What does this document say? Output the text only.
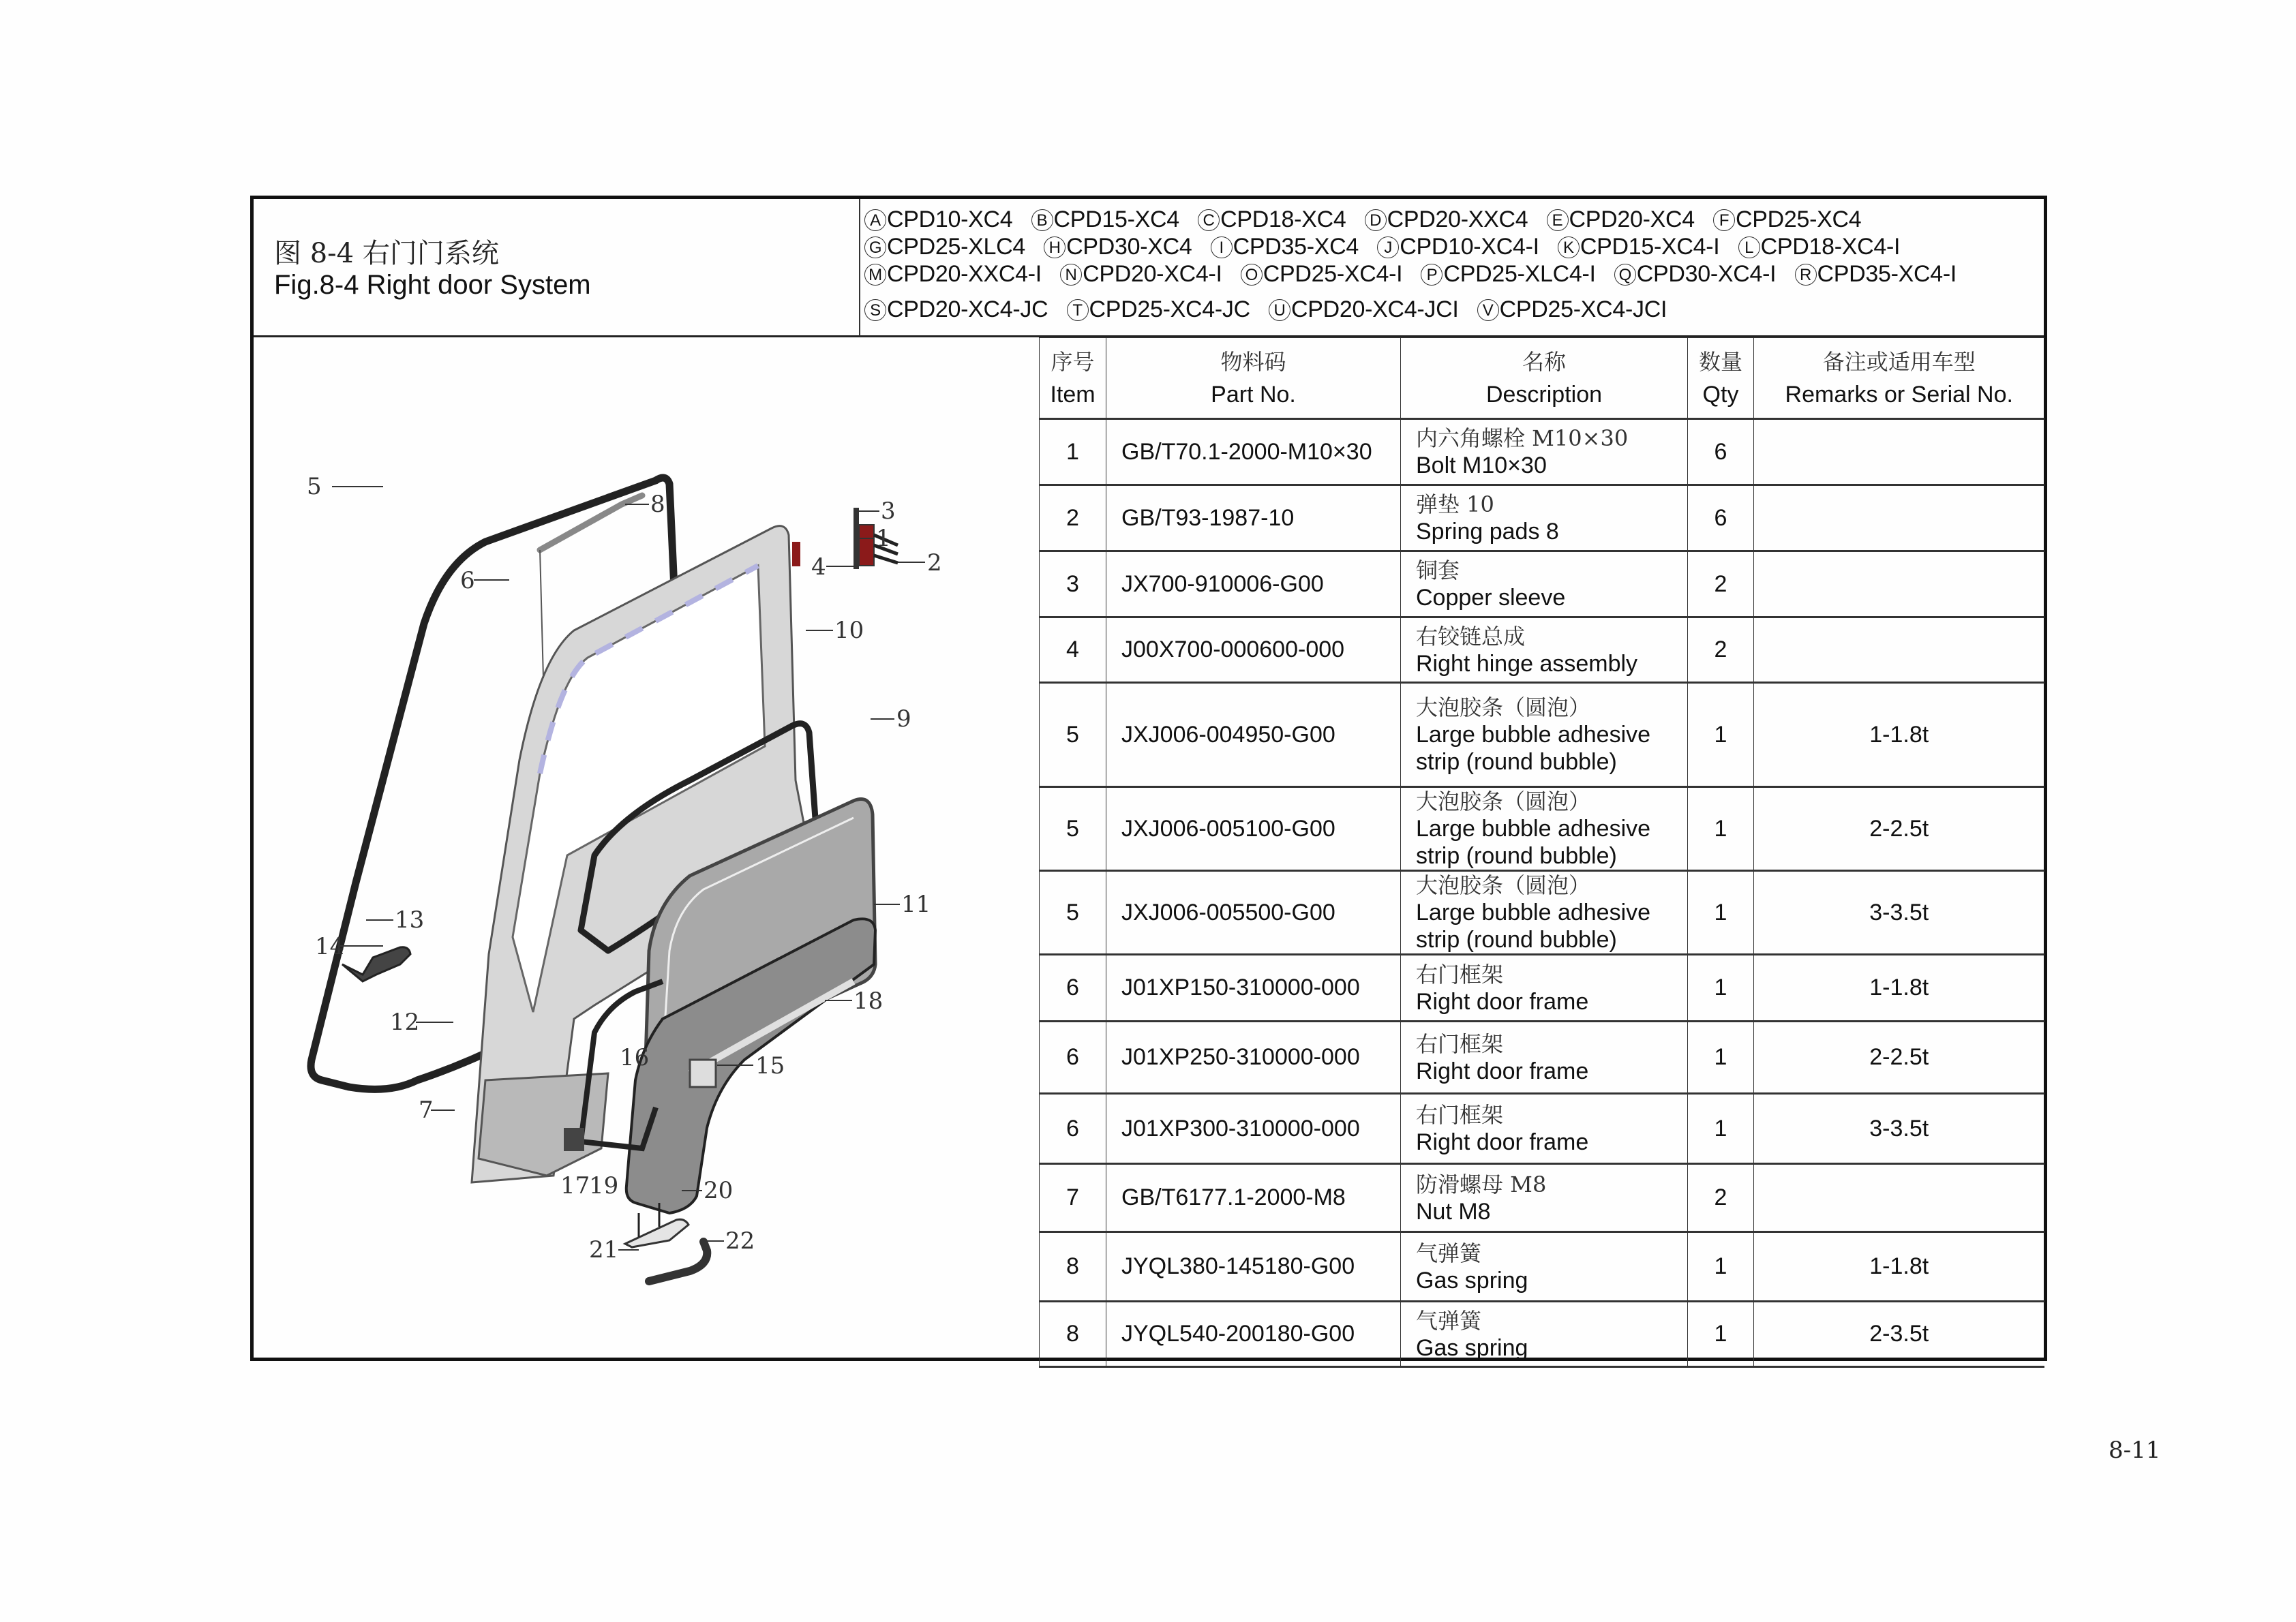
图 8-4 右门门系统
Fig.8-4 Right door System
A CPD10-XC4 B CPD15-XC4 C CPD18-XC4 D CPD20-XXC4 E CPD20-XC4 F CPD25-XC4
G CPD25-XLC4 H CPD30-XC4 I CPD35-XC4 J CPD10-XC4-I K CPD15-XC4-I L CPD18-XC4-I
M CPD20-XXC4-I N CPD20-XC4-I O CPD25-XC4-I P CPD25-XLC4-I Q CPD30-XC4-I R CPD35-XC4-I
S CPD20-XC4-JC T CPD25-XC4-JC U CPD20-XC4-JCI V CPD25-XC4-JCI
5
6
8	3
1
4	2
10
9
13
14
11
18
12
16	15
7
17
19	20
21	22
序号
Item	物料码
Part No.	名称
Description	数量
Qty	备注或适用车型
Remarks or Serial No.
1	GB/T70.1-2000-M10×30	内六角螺栓 M10×30
Bolt M10×30	6	
2	GB/T93-1987-10	弹垫 10
Spring pads 8	6	
3	JX700-910006-G00	铜套
Copper sleeve	2	
4	J00X700-000600-000	右铰链总成
Right hinge assembly	2	
5	JXJ006-004950-G00	大泡胶条（圆泡）
Large bubble adhesive strip (round bubble)	1	1-1.8t
5	JXJ006-005100-G00	大泡胶条（圆泡）
Large bubble adhesive strip (round bubble)	1	2-2.5t
5	JXJ006-005500-G00	大泡胶条（圆泡）
Large bubble adhesive strip (round bubble)	1	3-3.5t
6	J01XP150-310000-000	右门框架
Right door frame	1	1-1.8t
6	J01XP250-310000-000	右门框架
Right door frame	1	2-2.5t
6	J01XP300-310000-000	右门框架
Right door frame	1	3-3.5t
7	GB/T6177.1-2000-M8	防滑螺母 M8
Nut M8	2	
8	JYQL380-145180-G00	气弹簧
Gas spring	1	1-1.8t
8	JYQL540-200180-G00	气弹簧
Gas spring	1	2-3.5t
8-11
